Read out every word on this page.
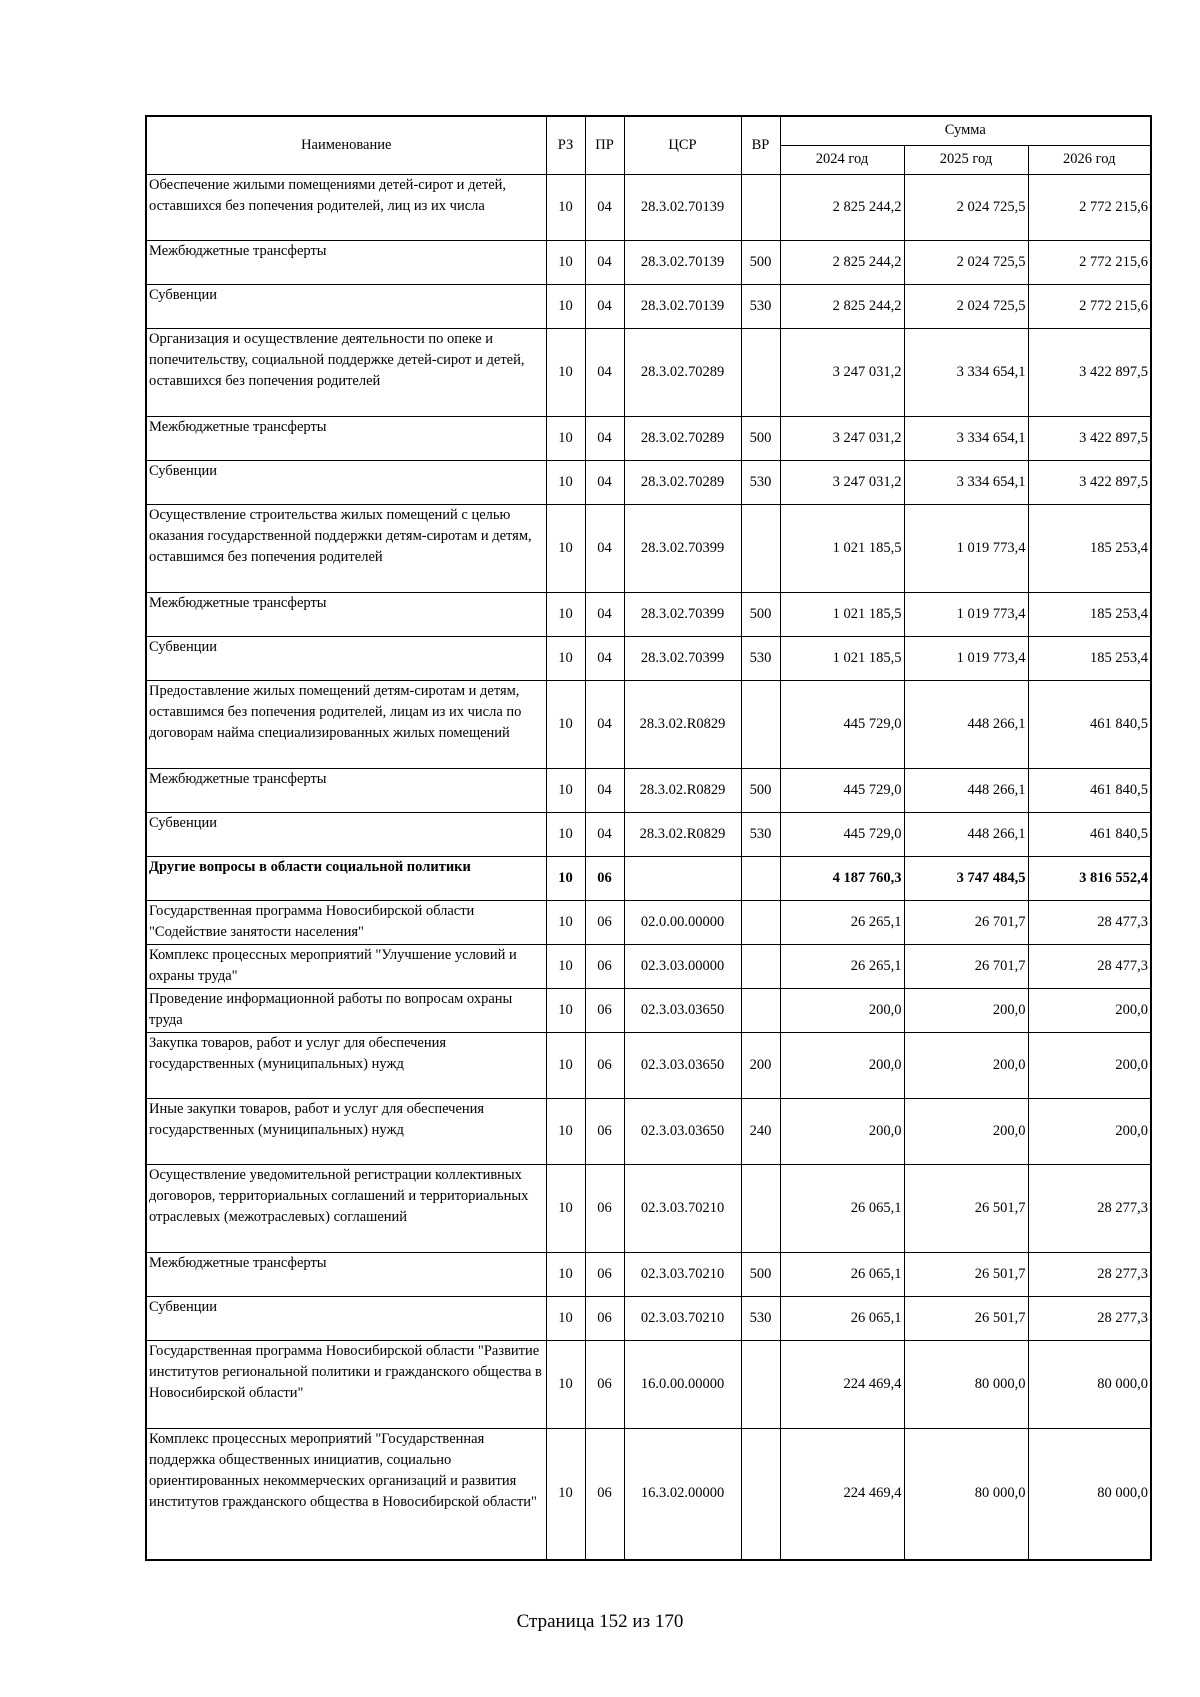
Наименование	РЗ	ПР	ЦСР	ВР	Сумма		
					2024 год	2025 год	2026 год
Обеспечение жилыми помещениями детей-сирот и детей, оставшихся без попечения родителей, лиц из их числа	10	04	28.3.02.70139		2 825 244,2	2 024 725,5	2 772 215,6
Межбюджетные трансферты	10	04	28.3.02.70139	500	2 825 244,2	2 024 725,5	2 772 215,6
Субвенции	10	04	28.3.02.70139	530	2 825 244,2	2 024 725,5	2 772 215,6
Организация и осуществление деятельности по опеке и попечительству, социальной поддержке детей-сирот и детей, оставшихся без попечения родителей	10	04	28.3.02.70289		3 247 031,2	3 334 654,1	3 422 897,5
Межбюджетные трансферты	10	04	28.3.02.70289	500	3 247 031,2	3 334 654,1	3 422 897,5
Субвенции	10	04	28.3.02.70289	530	3 247 031,2	3 334 654,1	3 422 897,5
Осуществление строительства жилых помещений с целью оказания государственной поддержки детям-сиротам и детям, оставшимся без попечения родителей	10	04	28.3.02.70399		1 021 185,5	1 019 773,4	185 253,4
Межбюджетные трансферты	10	04	28.3.02.70399	500	1 021 185,5	1 019 773,4	185 253,4
Субвенции	10	04	28.3.02.70399	530	1 021 185,5	1 019 773,4	185 253,4
Предоставление жилых помещений детям-сиротам и детям, оставшимся без попечения родителей, лицам из их числа по договорам найма специализированных жилых помещений	10	04	28.3.02.R0829		445 729,0	448 266,1	461 840,5
Межбюджетные трансферты	10	04	28.3.02.R0829	500	445 729,0	448 266,1	461 840,5
Субвенции	10	04	28.3.02.R0829	530	445 729,0	448 266,1	461 840,5
Другие вопросы в области социальной политики	10	06			4 187 760,3	3 747 484,5	3 816 552,4
Государственная программа Новосибирской области "Содействие занятости населения"	10	06	02.0.00.00000		26 265,1	26 701,7	28 477,3
Комплекс процессных мероприятий "Улучшение условий и охраны труда"	10	06	02.3.03.00000		26 265,1	26 701,7	28 477,3
Проведение информационной работы по вопросам охраны труда	10	06	02.3.03.03650		200,0	200,0	200,0
Закупка товаров, работ и услуг для обеспечения государственных (муниципальных) нужд	10	06	02.3.03.03650	200	200,0	200,0	200,0
Иные закупки товаров, работ и услуг для обеспечения государственных (муниципальных) нужд	10	06	02.3.03.03650	240	200,0	200,0	200,0
Осуществление уведомительной регистрации коллективных договоров, территориальных соглашений и территориальных отраслевых (межотраслевых) соглашений	10	06	02.3.03.70210		26 065,1	26 501,7	28 277,3
Межбюджетные трансферты	10	06	02.3.03.70210	500	26 065,1	26 501,7	28 277,3
Субвенции	10	06	02.3.03.70210	530	26 065,1	26 501,7	28 277,3
Государственная программа Новосибирской области "Развитие институтов региональной политики и гражданского общества в Новосибирской области"	10	06	16.0.00.00000		224 469,4	80 000,0	80 000,0
Комплекс процессных мероприятий "Государственная поддержка общественных инициатив, социально ориентированных некоммерческих организаций и развития институтов гражданского общества в Новосибирской области"	10	06	16.3.02.00000		224 469,4	80 000,0	80 000,0
Страница 152 из 170
